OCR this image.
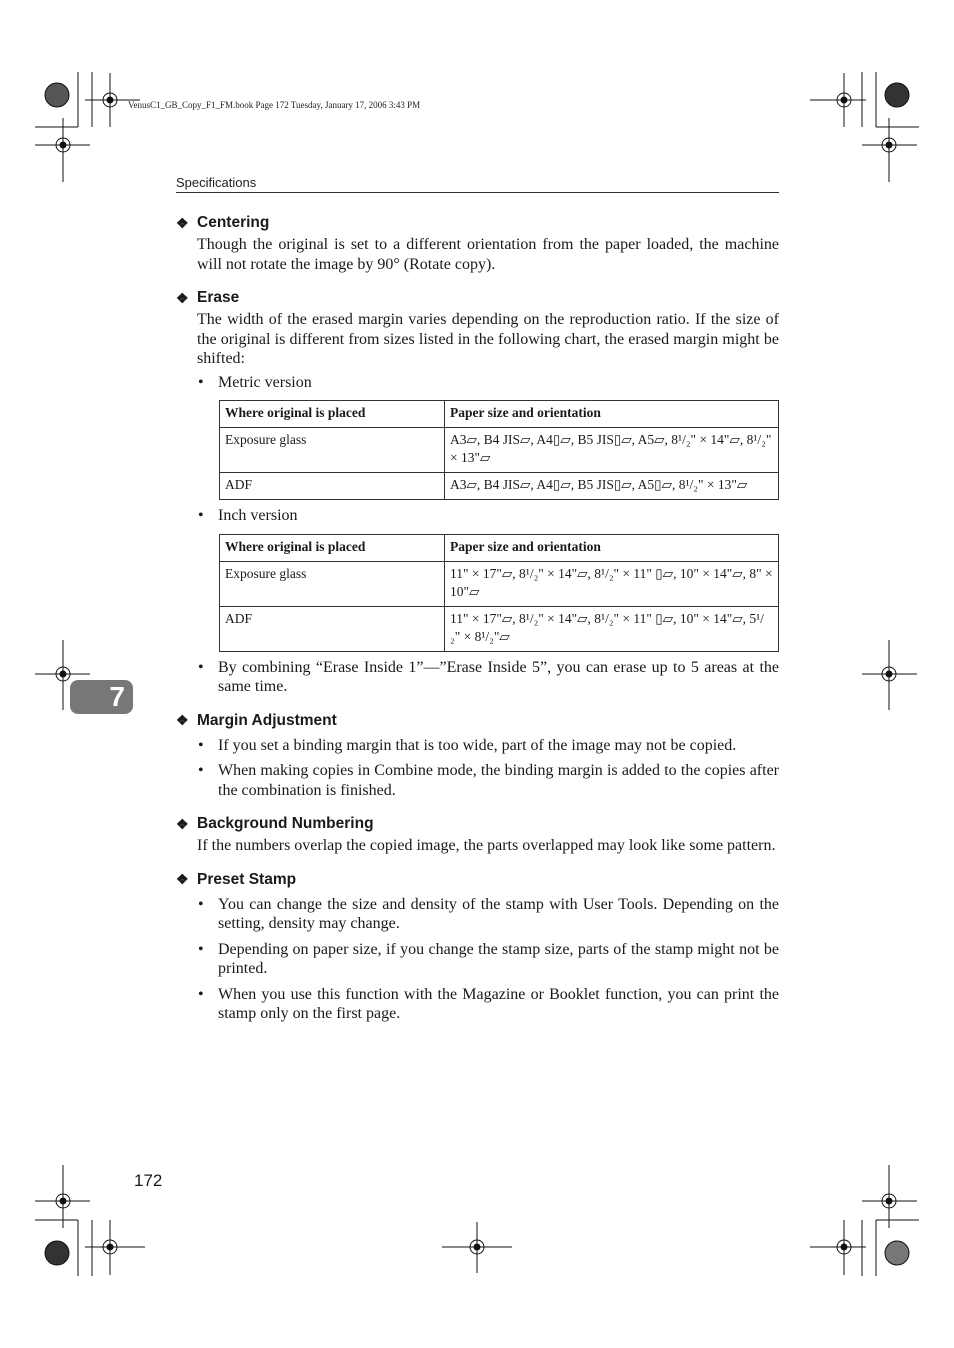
VenusC1_GB_Copy_F1_FM.book Page 172 Tuesday, January 17, 2006 3:43 PM
Specifications
7
❖ Centering

Though the original is set to a different orientation from the paper loaded, the machine will not rotate the image by 90° (Rotate copy).

❖ Erase

The width of the erased margin varies depending on the reproduction ratio. If the size of the original is different from sizes listed in the following chart, the erased margin might be shifted:

• Metric version
Where original is placed	Paper size and orientation
Exposure glass	A3▱, B4 JIS▱, A4▯▱, B5 JIS▯▱, A5▱, 8¹/₂" × 14"▱, 8¹/₂" × 13"▱
ADF	A3▱, B4 JIS▱, A4▯▱, B5 JIS▯▱, A5▯▱, 8¹/₂" × 13"▱
• Inch version
Where original is placed	Paper size and orientation
Exposure glass	11" × 17"▱, 8¹/₂" × 14"▱, 8¹/₂" × 11" ▯▱, 10" × 14"▱, 8" × 10"▱
ADF	11" × 17"▱, 8¹/₂" × 14"▱, 8¹/₂" × 11" ▯▱, 10" × 14"▱, 5¹/₂" × 8¹/₂"▱
• By combining “Erase Inside 1”—”Erase Inside 5”, you can erase up to 5 areas at the same time.
❖ Margin Adjustment
• If you set a binding margin that is too wide, part of the image may not be copied.
• When making copies in Combine mode, the binding margin is added to the copies after the combination is finished.
❖ Background Numbering

If the numbers overlap the copied image, the parts overlapped may look like some pattern.

❖ Preset Stamp
• You can change the size and density of the stamp with User Tools. Depending on the setting, density may change.
• Depending on paper size, if you change the stamp size, parts of the stamp might not be printed.
• When you use this function with the Magazine or Booklet function, you can print the stamp only on the first page.
172
